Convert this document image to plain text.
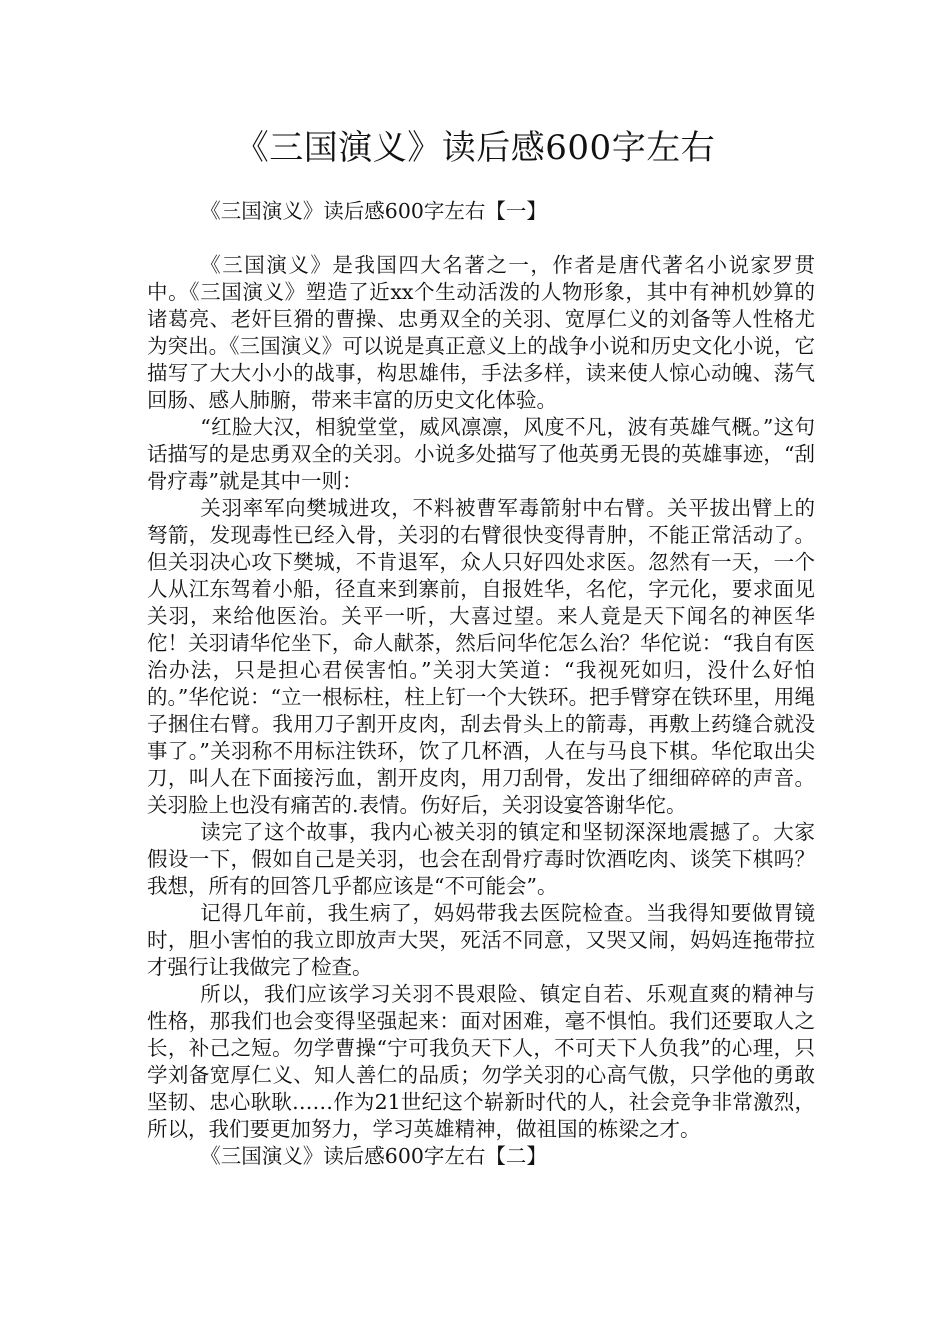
《三国演义》读后感600字左右

《三国演义》读后感600字左右【一】

《三国演义》是我国四大名著之一，作者是唐代著名小说家罗贯中。《三国演义》塑造了近xx个生动活泼的人物形象，其中有神机妙算的诸葛亮、老奸巨猾的曹操、忠勇双全的关羽、宽厚仁义的刘备等人性格尤为突出。《三国演义》可以说是真正意义上的战争小说和历史文化小说，它描写了大大小小的战事，构思雄伟，手法多样，读来使人惊心动魄、荡气回肠、感人肺腑，带来丰富的历史文化体验。

“红脸大汉，相貌堂堂，威风凛凛，风度不凡，波有英雄气概。”这句话描写的是忠勇双全的关羽。小说多处描写了他英勇无畏的英雄事迹，“刮骨疗毒”就是其中一则：

关羽率军向樊城进攻，不料被曹军毒箭射中右臂。关平拔出臂上的弩箭，发现毒性已经入骨，关羽的右臂很快变得青肿，不能正常活动了。但关羽决心攻下樊城，不肯退军，众人只好四处求医。忽然有一天，一个人从江东驾着小船，径直来到寨前，自报姓华，名佗，字元化，要求面见关羽，来给他医治。关平一听，大喜过望。来人竟是天下闻名的神医华佗！关羽请华佗坐下，命人献茶，然后问华佗怎么治？华佗说：“我自有医治办法，只是担心君侯害怕。”关羽大笑道：“我视死如归，没什么好怕的。”华佗说：“立一根标柱，柱上钉一个大铁环。把手臂穿在铁环里，用绳子捆住右臂。我用刀子割开皮肉，刮去骨头上的箭毒，再敷上药缝合就没事了。”关羽称不用标注铁环，饮了几杯酒，人在与马良下棋。华佗取出尖刀，叫人在下面接污血，割开皮肉，用刀刮骨，发出了细细碎碎的声音。关羽脸上也没有痛苦的.表情。伤好后，关羽设宴答谢华佗。

读完了这个故事，我内心被关羽的镇定和坚韧深深地震撼了。大家假设一下，假如自己是关羽，也会在刮骨疗毒时饮酒吃肉、谈笑下棋吗？我想，所有的回答几乎都应该是“不可能会”。

记得几年前，我生病了，妈妈带我去医院检查。当我得知要做胃镜时，胆小害怕的我立即放声大哭，死活不同意，又哭又闹，妈妈连拖带拉才强行让我做完了检查。

所以，我们应该学习关羽不畏艰险、镇定自若、乐观直爽的精神与性格，那我们也会变得坚强起来：面对困难，毫不惧怕。我们还要取人之长，补己之短。勿学曹操“宁可我负天下人，不可天下人负我”的心理，只学刘备宽厚仁义、知人善仁的品质；勿学关羽的心高气傲，只学他的勇敢坚韧、忠心耿耿……作为21世纪这个崭新时代的人，社会竞争非常激烈，所以，我们要更加努力，学习英雄精神，做祖国的栋梁之才。

《三国演义》读后感600字左右【二】
